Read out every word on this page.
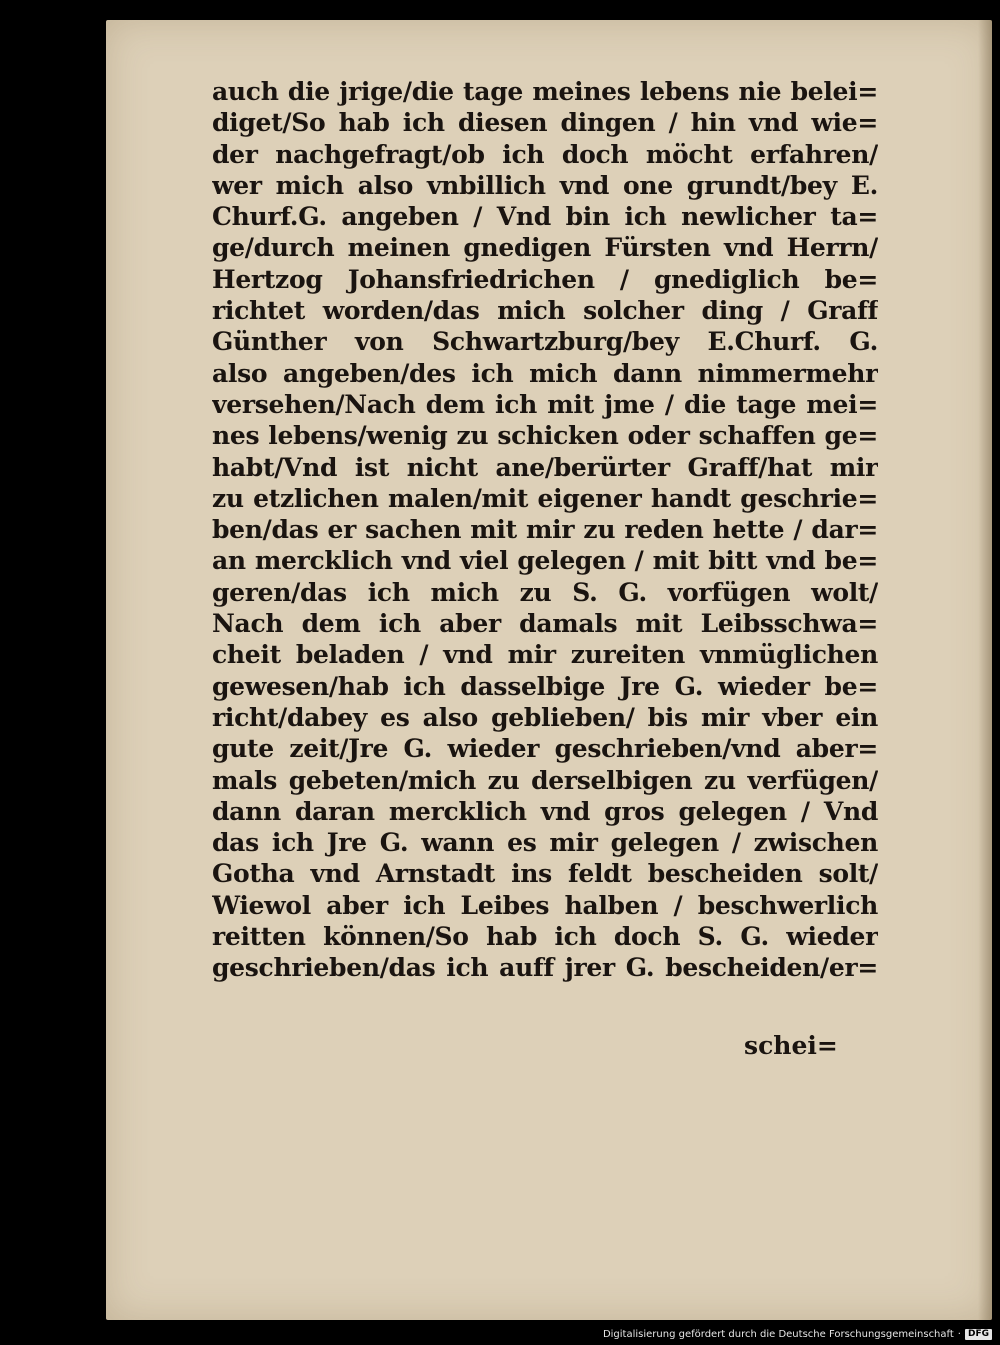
auch die jrige/die tage meines lebens nie belei=
diget/So hab ich diesen dingen / hin vnd wie=
der nachgefragt/ob ich doch möcht erfahren/
wer mich also vnbillich vnd one grundt/bey E.
Churf.G. angeben / Vnd bin ich newlicher ta=
ge/durch meinen gnedigen Fürsten vnd Herrn/
Hertzog Johansfriedrichen / gnediglich be=
richtet worden/das mich solcher ding / Graff
Günther von Schwartzburg/bey E.Churf. G.
also angeben/des ich mich dann nimmermehr
versehen/Nach dem ich mit jme / die tage mei=
nes lebens/wenig zu schicken oder schaffen ge=
habt/Vnd ist nicht ane/berürter Graff/hat mir
zu etzlichen malen/mit eigener handt geschrie=
ben/das er sachen mit mir zu reden hette / dar=
an mercklich vnd viel gelegen / mit bitt vnd be=
geren/das ich mich zu S. G. vorfügen wolt/
Nach dem ich aber damals mit Leibsschwa=
cheit beladen / vnd mir zureiten vnmüglichen
gewesen/hab ich dasselbige Jre G. wieder be=
richt/dabey es also geblieben/ bis mir vber ein
gute zeit/Jre G. wieder geschrieben/vnd aber=
mals gebeten/mich zu derselbigen zu verfügen/
dann daran mercklich vnd gros gelegen / Vnd
das ich Jre G. wann es mir gelegen / zwischen
Gotha vnd Arnstadt ins feldt bescheiden solt/
Wiewol aber ich Leibes halben / beschwerlich
reitten können/So hab ich doch S. G. wieder
geschrieben/das ich auff jrer G. bescheiden/er=
schei=
Digitalisierung gefördert durch die Deutsche Forschungsgemeinschaft · DFG
